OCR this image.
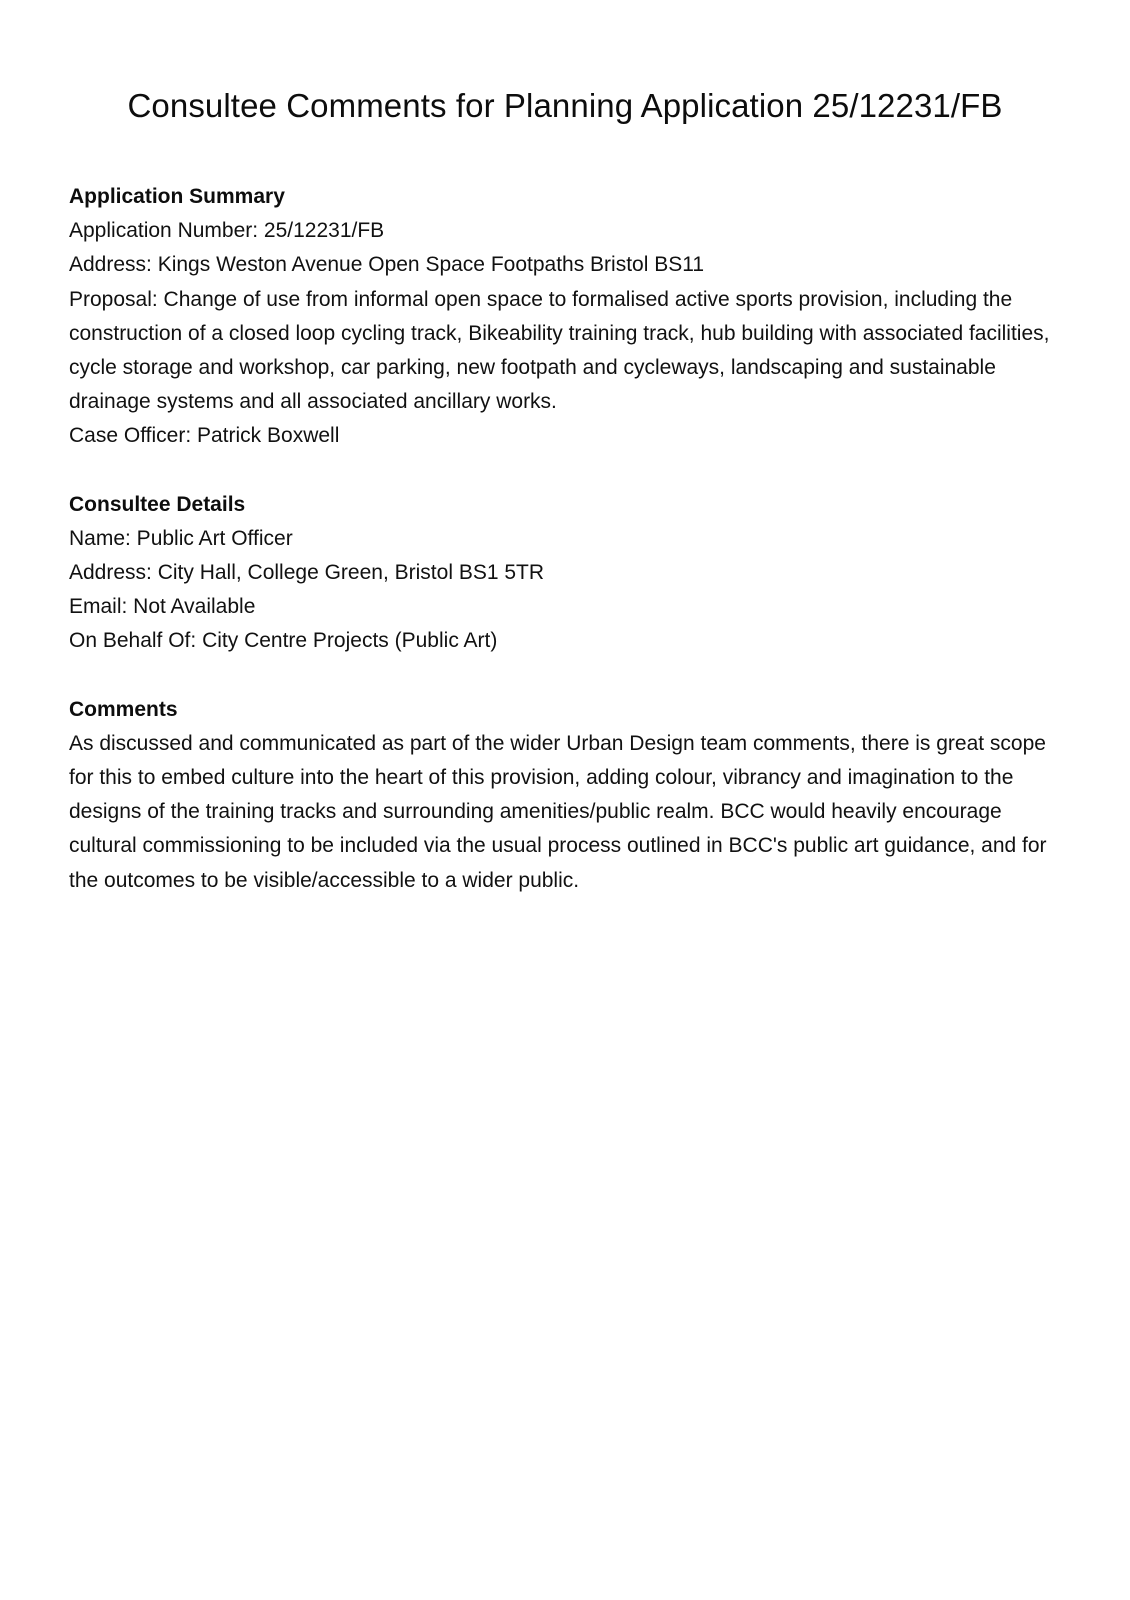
Consultee Comments for Planning Application 25/12231/FB
Application Summary

Application Number: 25/12231/FB

Address: Kings Weston Avenue Open Space Footpaths Bristol BS11

Proposal: Change of use from informal open space to formalised active sports provision, including the construction of a closed loop cycling track, Bikeability training track, hub building with associated facilities, cycle storage and workshop, car parking, new footpath and cycleways, landscaping and sustainable drainage systems and all associated ancillary works.

Case Officer: Patrick Boxwell

Consultee Details

Name: Public Art Officer

Address: City Hall, College Green, Bristol BS1 5TR

Email: Not Available

On Behalf Of: City Centre Projects (Public Art)

Comments

As discussed and communicated as part of the wider Urban Design team comments, there is great scope for this to embed culture into the heart of this provision, adding colour, vibrancy and imagination to the designs of the training tracks and surrounding amenities/public realm. BCC would heavily encourage cultural commissioning to be included via the usual process outlined in BCC's public art guidance, and for the outcomes to be visible/accessible to a wider public.
